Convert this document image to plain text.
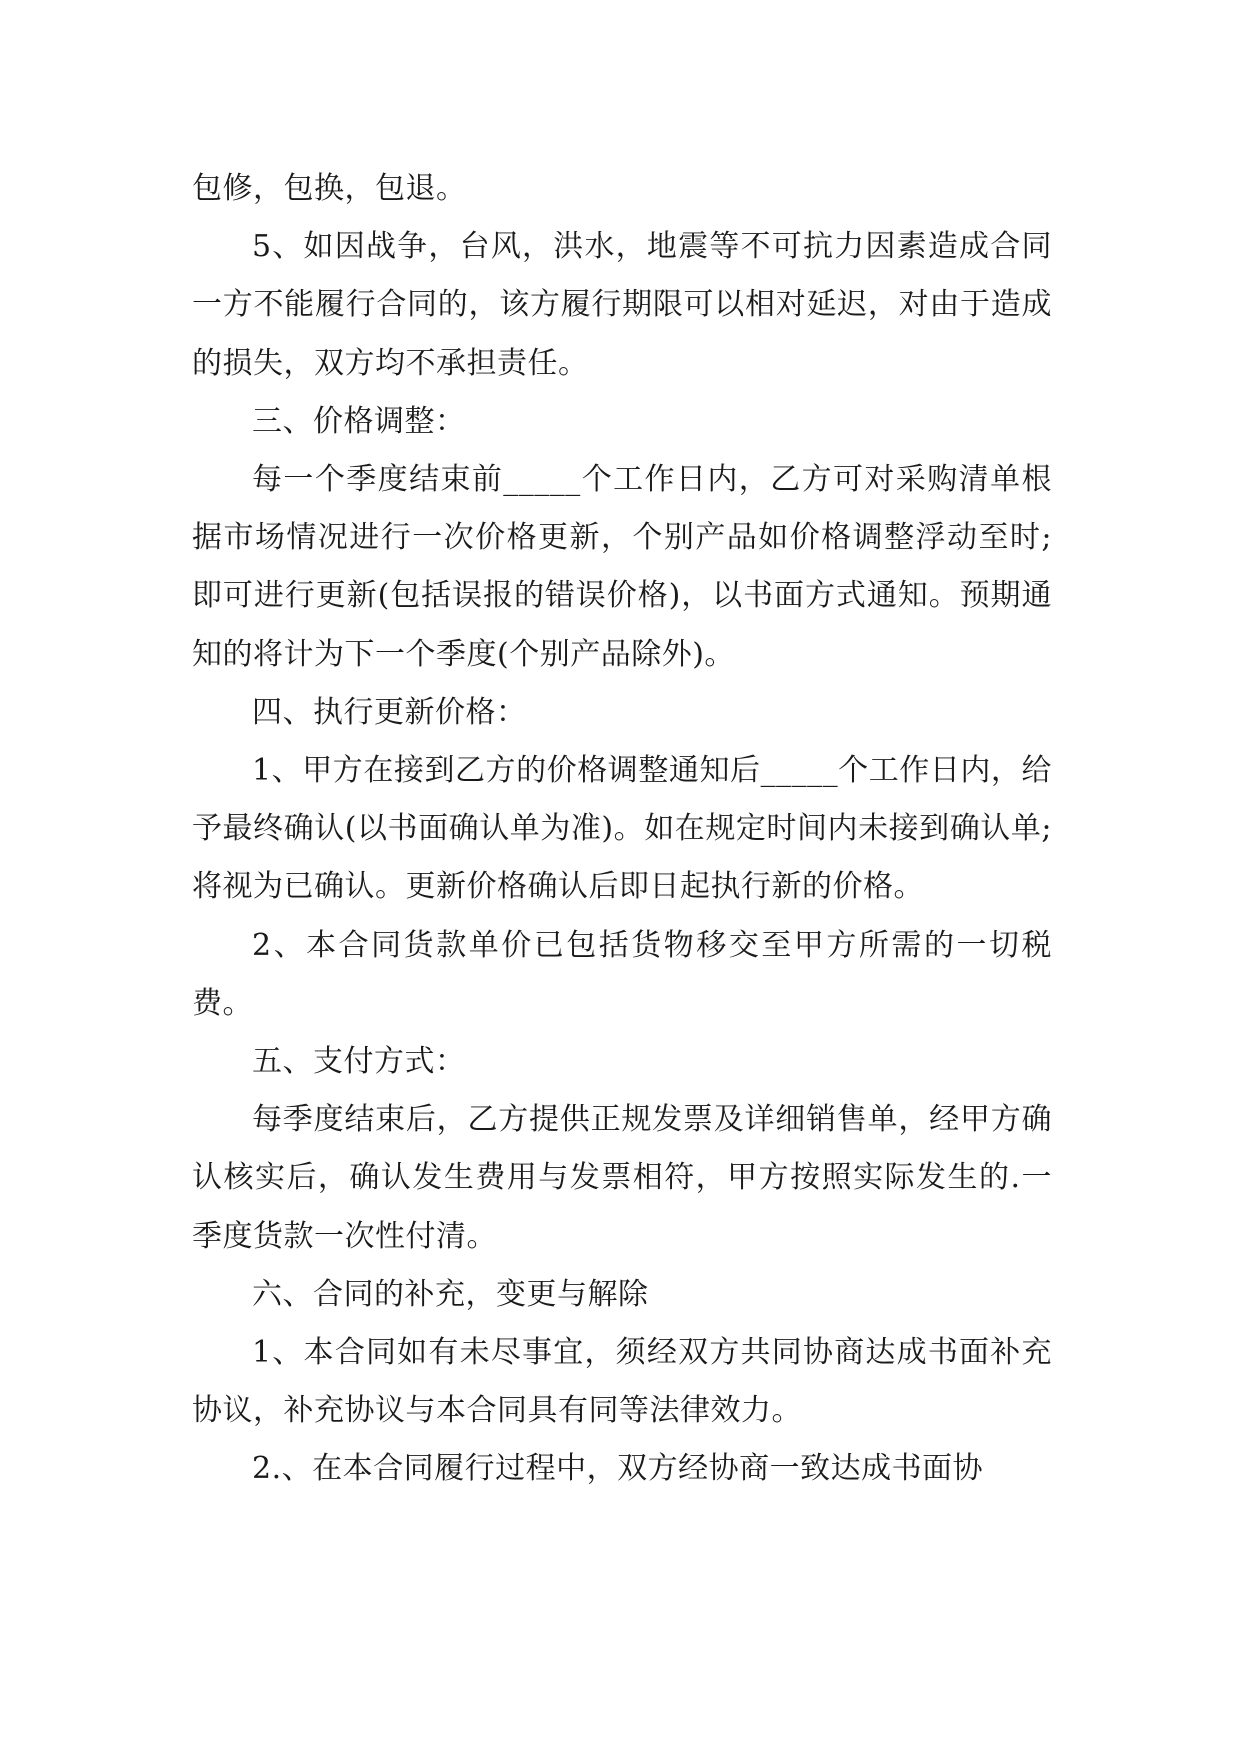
包修，包换，包退。

5、如因战争，台风，洪水，地震等不可抗力因素造成合同一方不能履行合同的，该方履行期限可以相对延迟，对由于造成的损失，双方均不承担责任。

三、价格调整：

每一个季度结束前_____个工作日内，乙方可对采购清单根据市场情况进行一次价格更新，个别产品如价格调整浮动至时;即可进行更新(包括误报的错误价格)，以书面方式通知。预期通知的将计为下一个季度(个别产品除外)。

四、执行更新价格：

1、甲方在接到乙方的价格调整通知后_____个工作日内，给予最终确认(以书面确认单为准)。如在规定时间内未接到确认单;将视为已确认。更新价格确认后即日起执行新的价格。

2、本合同货款单价已包括货物移交至甲方所需的一切税费。

五、支付方式：

每季度结束后，乙方提供正规发票及详细销售单，经甲方确认核实后，确认发生费用与发票相符，甲方按照实际发生的.一季度货款一次性付清。

六、合同的补充，变更与解除

1、本合同如有未尽事宜，须经双方共同协商达成书面补充协议，补充协议与本合同具有同等法律效力。

2.、在本合同履行过程中，双方经协商一致达成书面协
